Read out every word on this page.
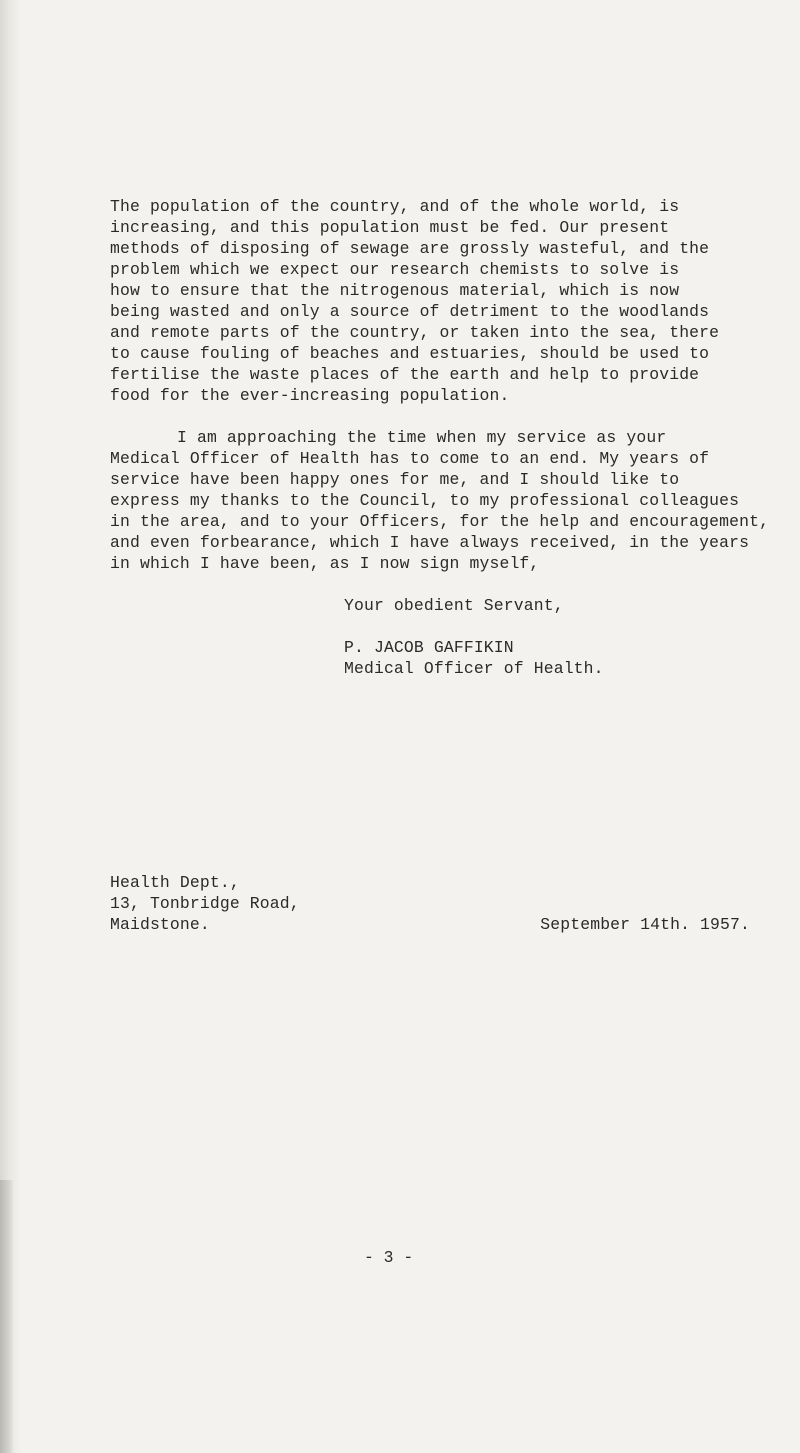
The population of the country, and of the whole world, is

increasing, and this population must be fed. Our present

methods of disposing of sewage are grossly wasteful, and the

problem which we expect our research chemists to solve is

how to ensure that the nitrogenous material, which is now

being wasted and only a source of detriment to the woodlands

and remote parts of the country, or taken into the sea, there

to cause fouling of beaches and estuaries, should be used to

fertilise the waste places of the earth and help to provide

food for the ever-increasing population.

I am approaching the time when my service as your

Medical Officer of Health has to come to an end. My years of

service have been happy ones for me, and I should like to

express my thanks to the Council, to my professional colleagues

in the area, and to your Officers, for the help and encouragement,

and even forbearance, which I have always received, in the years

in which I have been, as I now sign myself,

Your obedient Servant,

P. JACOB GAFFIKIN

Medical Officer of Health.

Health Dept.,

13, Tonbridge Road,

Maidstone.	September 14th. 1957.

- 3 -
